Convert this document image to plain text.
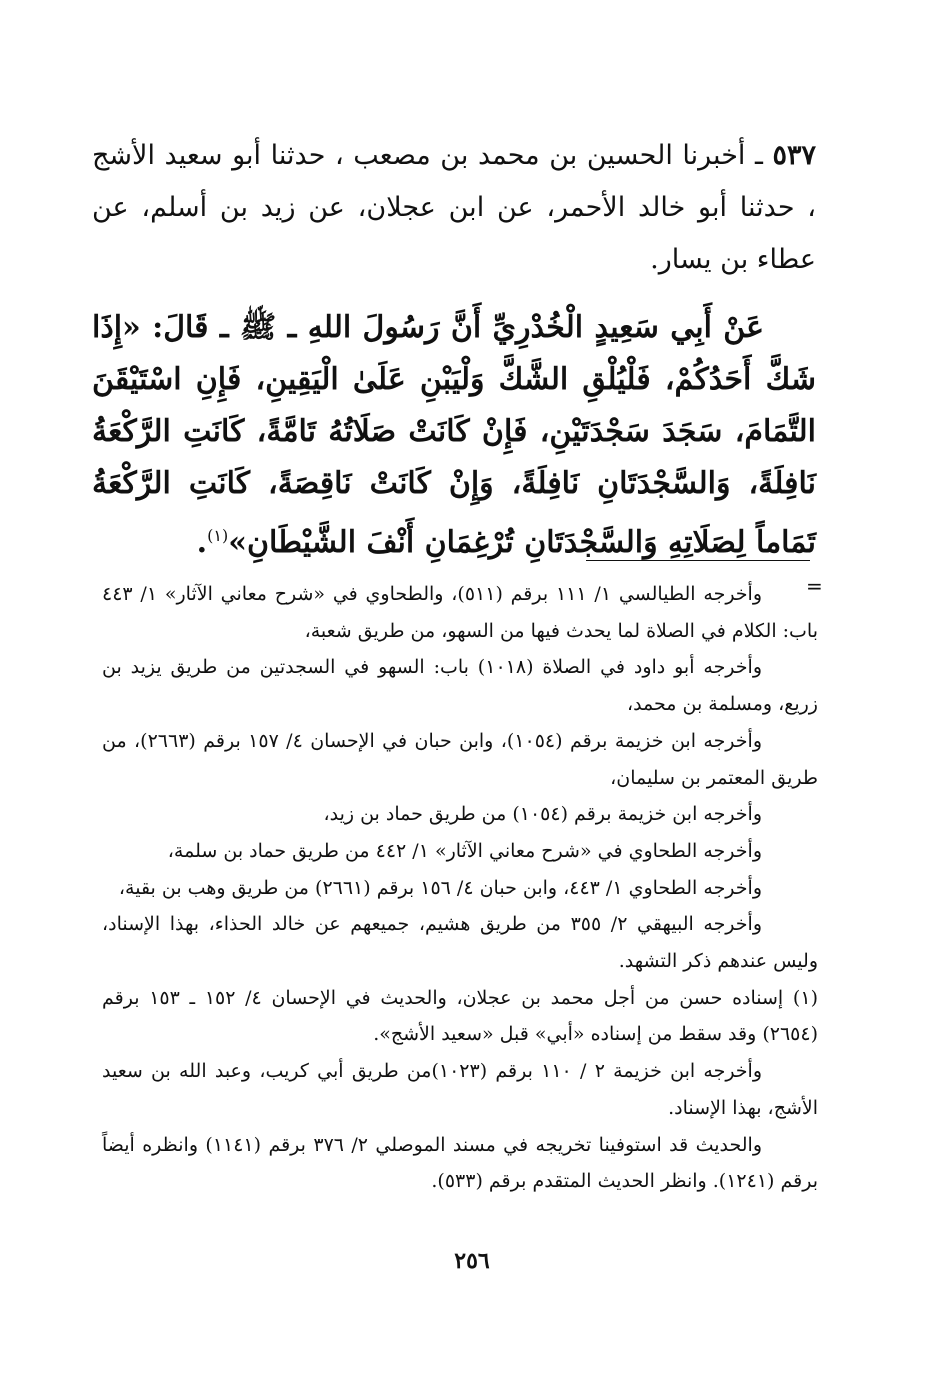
٥٣٧ ـ أخبرنا الحسين بن محمد بن مصعب ، حدثنا أبو سعيد الأشج ، حدثنا أبو خالد الأحمر، عن ابن عجلان، عن زيد بن أسلم، عن عطاء بن يسار.

عَنْ أَبِي سَعِيدٍ الْخُدْرِيِّ أَنَّ رَسُولَ اللهِ ـ ﷺ ـ قَالَ: «إِذَا شَكَّ أَحَدُكُمْ، فَلْيُلْقِ الشَّكَّ وَلْيَبْنِ عَلَىٰ الْيَقِينِ، فَإِنِ اسْتَيْقَنَ التَّمَامَ، سَجَدَ سَجْدَتَيْنِ، فَإِنْ كَانَتْ صَلَاتُهُ تَامَّةً، كَانَتِ الرَّكْعَةُ نَافِلَةً، وَالسَّجْدَتَانِ نَافِلَةً، وَإِنْ كَانَتْ نَاقِصَةً، كَانَتِ الرَّكْعَةُ تَمَاماً لِصَلَاتِهِ وَالسَّجْدَتَانِ تُرْغِمَانِ أَنْفَ الشَّيْطَانِ»$^{(١)}$.

=

وأخرجه الطيالسي ١/ ١١١ برقم (٥١١)، والطحاوي في «شرح معاني الآثار» ١/ ٤٤٣ باب: الكلام في الصلاة لما يحدث فيها من السهو، من طريق شعبة،

وأخرجه أبو داود في الصلاة (١٠١٨) باب: السهو في السجدتين من طريق يزيد بن زريع، ومسلمة بن محمد،

وأخرجه ابن خزيمة برقم (١٠٥٤)، وابن حبان في الإحسان ٤/ ١٥٧ برقم (٢٦٦٣)، من طريق المعتمر بن سليمان،

وأخرجه ابن خزيمة برقم (١٠٥٤) من طريق حماد بن زيد،

وأخرجه الطحاوي في «شرح معاني الآثار» ١/ ٤٤٢ من طريق حماد بن سلمة،

وأخرجه الطحاوي ١/ ٤٤٣، وابن حبان ٤/ ١٥٦ برقم (٢٦٦١) من طريق وهب بن بقية،

وأخرجه البيهقي ٢/ ٣٥٥ من طريق هشيم، جميعهم عن خالد الحذاء، بهذا الإسناد، وليس عندهم ذكر التشهد.

(١) إسناده حسن من أجل محمد بن عجلان، والحديث في الإحسان ٤/ ١٥٢ ـ ١٥٣ برقم (٢٦٥٤) وقد سقط من إسناده «أبي» قبل «سعيد الأشج».

وأخرجه ابن خزيمة ٢ / ١١٠ برقم (١٠٢٣)من طريق أبي كريب، وعبد الله بن سعيد الأشج، بهذا الإسناد.

والحديث قد استوفينا تخريجه في مسند الموصلي ٢/ ٣٧٦ برقم (١١٤١) وانظره أيضاً برقم (١٢٤١). وانظر الحديث المتقدم برقم (٥٣٣).

٢٥٦
